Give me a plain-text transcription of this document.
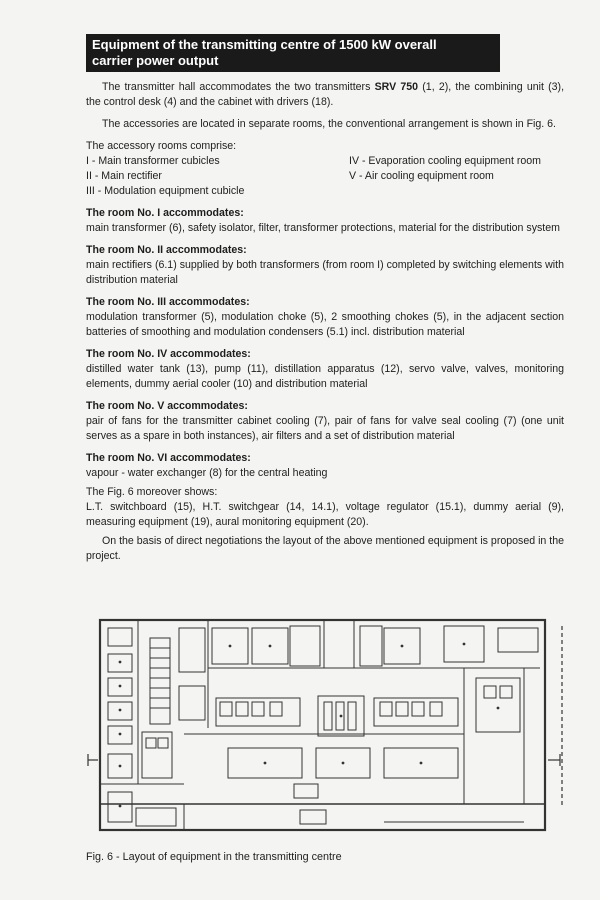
Equipment of the transmitting centre of 1500 kW overall
carrier power output

The transmitter hall accommodates the two transmitters SRV 750 (1, 2), the combining unit (3), the control desk (4) and the cabinet with drivers (18).

The accessories are located in separate rooms, the conventional arrangement is shown in Fig. 6.

The accessory rooms comprise:

I - Main transformer cubicles
II - Main rectifier
III - Modulation equipment cubicle
IV - Evaporation cooling equipment room
V - Air cooling equipment room
The room No. I accommodates:

main transformer (6), safety isolator, filter, transformer protections, material for the distribution system

The room No. II accommodates:

main rectifiers (6.1) supplied by both transformers (from room I) completed by switching elements with distribution material

The room No. III accommodates:

modulation transformer (5), modulation choke (5), 2 smoothing chokes (5), in the adjacent section batteries of smoothing and modulation condensers (5.1) incl. distribution material

The room No. IV accommodates:

distilled water tank (13), pump (11), distillation apparatus (12), servo valve, valves, monitoring elements, dummy aerial cooler (10) and distribution material

The room No. V accommodates:

pair of fans for the transmitter cabinet cooling (7), pair of fans for valve seal cooling (7) (one unit serves as a spare in both instances), air filters and a set of distribution material

The room No. VI accommodates:

vapour - water exchanger (8) for the central heating

The Fig. 6 moreover shows:

L.T. switchboard (15), H.T. switchgear (14, 14.1), voltage regulator (15.1), dummy aerial (9), measuring equipment (19), aural monitoring equipment (20).

On the basis of direct negotiations the layout of the above mentioned equipment is proposed in the project.

Fig. 6 - Layout of equipment in the transmitting centre
